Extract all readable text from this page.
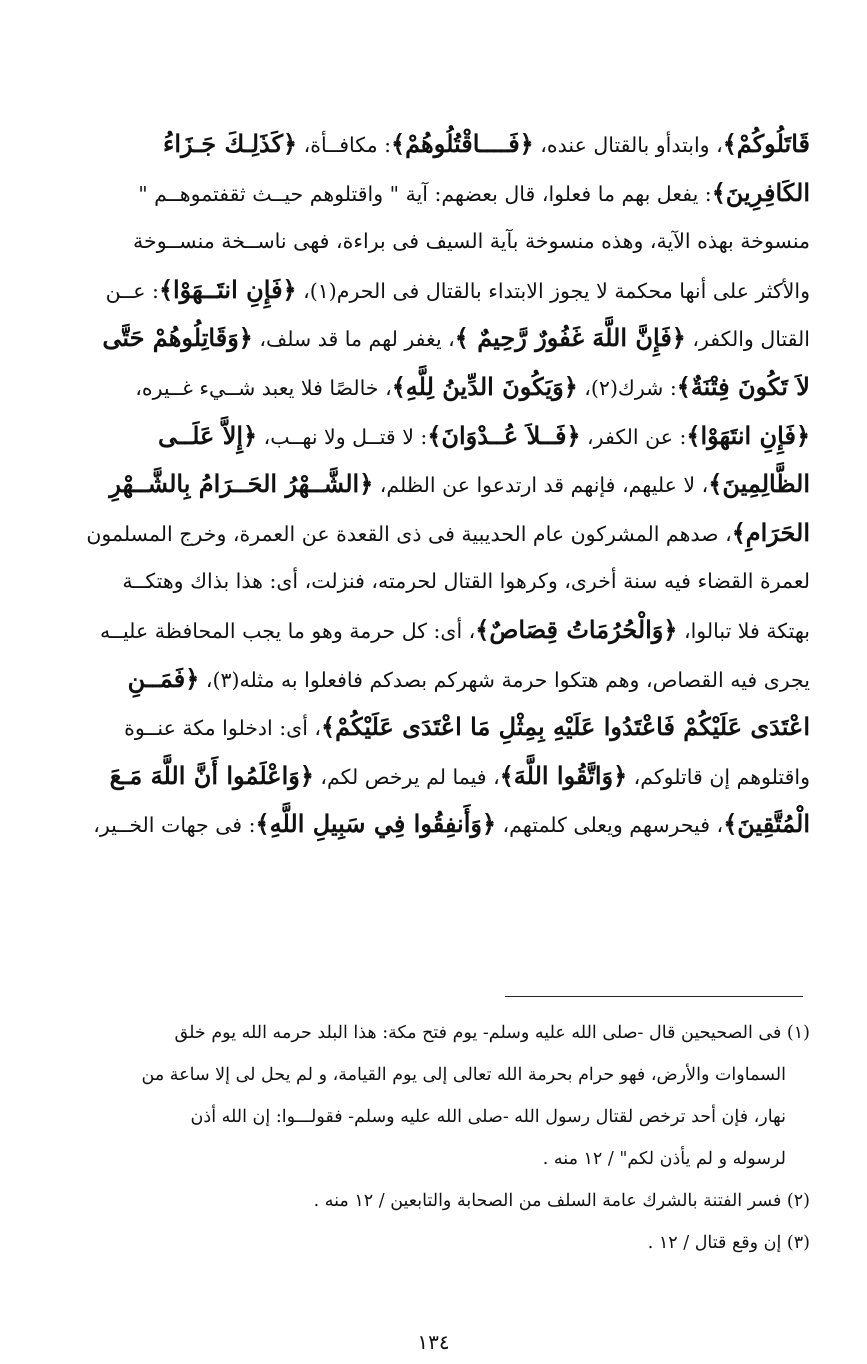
قَاتَلُوكُمْ﴾، وابتدأو بالقتال عنده، ﴿فَــــاقْتُلُوهُمْ﴾: مكافــأة، ﴿كَذَلِـكَ جَـزَاءُ
الكَافِرِينَ﴾: يفعل بهم ما فعلوا، قال بعضهم: آية " واقتلوهم حيــث ثقفتموهــم "
منسوخة بهذه الآية، وهذه منسوخة بآية السيف فى براءة، فهى ناســخة منســوخة
والأكثر على أنها محكمة لا يجوز الابتداء بالقتال فى الحرم(١)، ﴿فَإِنِ انتَــهَوْا﴾: عــن
القتال والكفر، ﴿فَإِنَّ اللَّهَ غَفُورٌ رَّحِيمٌ ﴾، يغفر لهم ما قد سلف، ﴿وَقَاتِلُوهُمْ حَتَّى
لاَ تَكُونَ فِتْنَةٌ﴾: شرك(٢)، ﴿وَيَكُونَ الدِّينُ لِلَّهِ﴾، خالصًا فلا يعبد شــيء غــيره،
﴿فَإِنِ انتَهَوْا﴾: عن الكفر، ﴿فَــلاَ عُــدْوَانَ﴾: لا قتــل ولا نهــب، ﴿إِلاَّ عَلَــى
الظَّالِمِينَ﴾، لا عليهم، فإنهم قد ارتدعوا عن الظلم، ﴿الشَّــهْرُ الحَــرَامُ بِالشَّــهْرِ
الحَرَامِ﴾، صدهم المشركون عام الحديبية فى ذى القعدة عن العمرة، وخرج المسلمون
لعمرة القضاء فيه سنة أخرى، وكرهوا القتال لحرمته، فنزلت، أى: هذا بذاك وهتكــة
بهتكة فلا تبالوا، ﴿وَالْحُرُمَاتُ قِصَاصٌ﴾، أى: كل حرمة وهو ما يجب المحافظة عليــه
يجرى فيه القصاص، وهم هتكوا حرمة شهركم بصدكم فافعلوا به مثله(٣)، ﴿فَمَــنِ
اعْتَدَى عَلَيْكُمْ فَاعْتَدُوا عَلَيْهِ بِمِثْلِ مَا اعْتَدَى عَلَيْكُمْ﴾، أى: ادخلوا مكة عنــوة
واقتلوهم إن قاتلوكم، ﴿وَاتَّقُوا اللَّهَ﴾، فيما لم يرخص لكم، ﴿وَاعْلَمُوا أَنَّ اللَّهَ مَـعَ
الْمُتَّقِينَ﴾، فيحرسهم ويعلى كلمتهم، ﴿وَأَنفِقُوا فِي سَبِيلِ اللَّهِ﴾: فى جهات الخــير،
(١) فى الصحيحين قال -صلى الله عليه وسلم- يوم فتح مكة: هذا البلد حرمه الله يوم خلق
السماوات والأرض، فهو حرام بحرمة الله تعالى إلى يوم القيامة، و لم يحل لى إلا ساعة من
نهار، فإن أحد ترخص لقتال رسول الله -صلى الله عليه وسلم- فقولـــوا: إن الله أذن
لرسوله و لم يأذن لكم" / ١٢ منه .
(٢) فسر الفتنة بالشرك عامة السلف من الصحابة والتابعين / ١٢ منه .
(٣) إن وقع قتال / ١٢ .
١٣٤
